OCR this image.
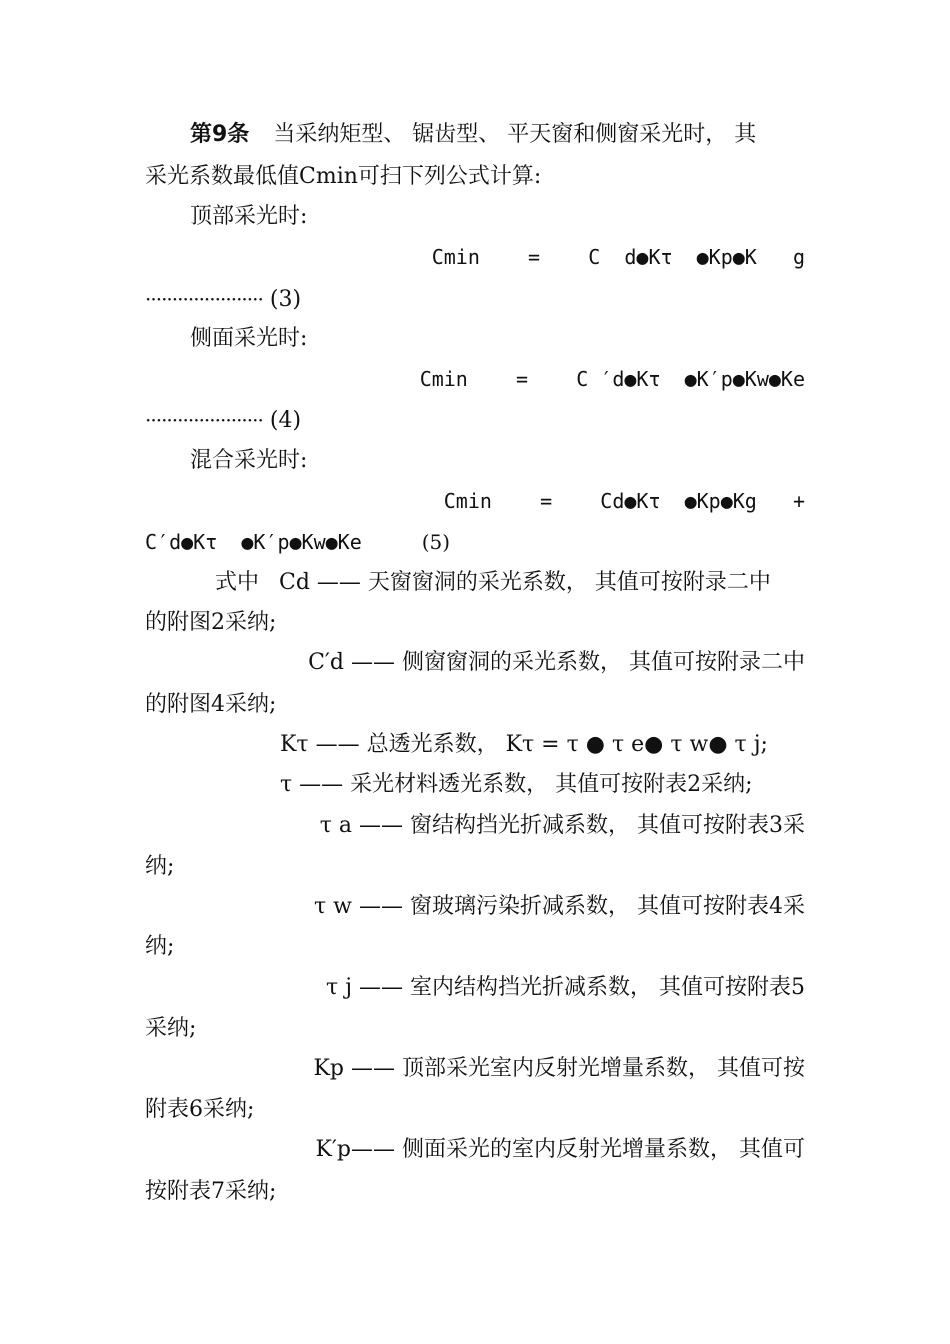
第9条 当采纳矩型、 锯齿型、 平天窗和侧窗采光时， 其
采光系数最低值Cmin可扫下列公式计算:
顶部采光时:
Cmin    =    C  d●Kτ  ●Kp●K   g
······················ (3)
侧面采光时:
Cmin    =    C ′d●Kτ  ●K′p●Kw●Ke
······················ (4)
混合采光时:
Cmin    =    Cd●Kτ  ●Kp●Kg   +
C′d●Kτ  ●K′p●Kw●Ke	(5)
式中 Cd —— 天窗窗洞的采光系数， 其值可按附录二中
的附图2采纳;
C′d —— 侧窗窗洞的采光系数， 其值可按附录二中
的附图4采纳;
Kτ —— 总透光系数， Kτ = τ ● τ e● τ w● τ j;
τ —— 采光材料透光系数， 其值可按附表2采纳;
τ a —— 窗结构挡光折减系数， 其值可按附表3采
纳;
τ w —— 窗玻璃污染折减系数， 其值可按附表4采
纳;
τ j —— 室内结构挡光折减系数， 其值可按附表5
采纳;
Kp —— 顶部采光室内反射光增量系数， 其值可按
附表6采纳;
K′p—— 侧面采光的室内反射光增量系数， 其值可
按附表7采纳;
